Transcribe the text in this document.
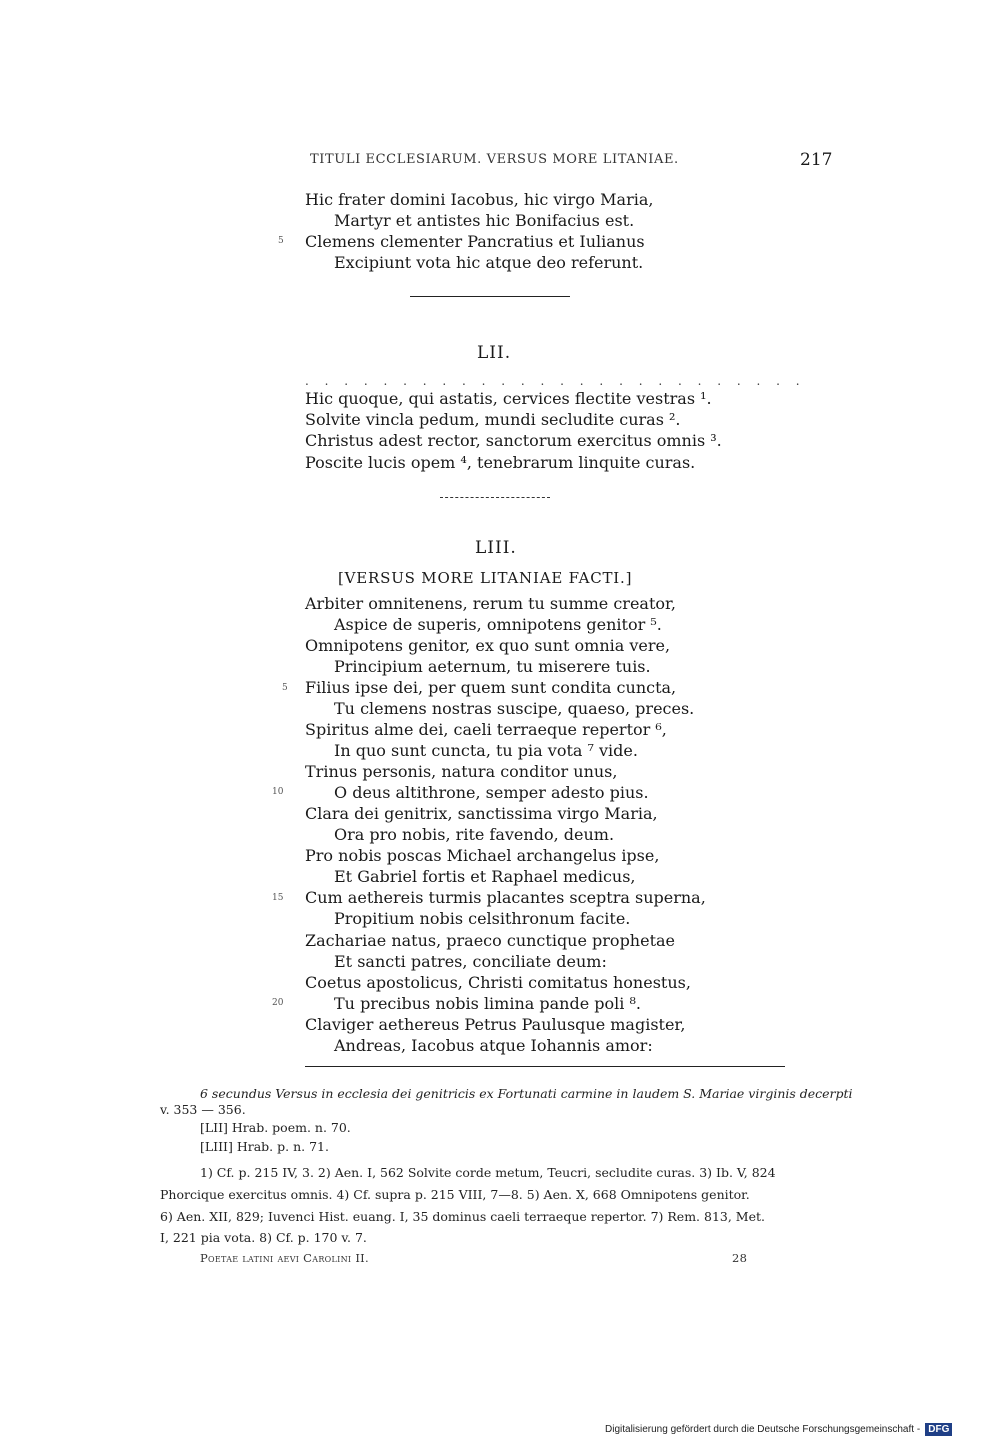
TITULI ECCLESIARUM. VERSUS MORE LITANIAE.	217
Hic frater domini Iacobus, hic virgo Maria,
Martyr et antistes hic Bonifacius est.
5 Clemens clementer Pancratius et Iulianus
Excipiunt vota hic atque deo referunt.
LII.
. . . . . . . . . . . . . . . . . . . . . . . . . .
Hic quoque, qui astatis, cervices flectite vestras ¹.
Solvite vincla pedum, mundi secludite curas ².
Christus adest rector, sanctorum exercitus omnis ³.
Poscite lucis opem ⁴, tenebrarum linquite curas.
LIII.
[VERSUS MORE LITANIAE FACTI.]
Arbiter omnitenens, rerum tu summe creator,
Aspice de superis, omnipotens genitor ⁵.
Omnipotens genitor, ex quo sunt omnia vere,
Principium aeternum, tu miserere tuis.
5 Filius ipse dei, per quem sunt condita cuncta,
Tu clemens nostras suscipe, quaeso, preces.
Spiritus alme dei, caeli terraeque repertor ⁶,
In quo sunt cuncta, tu pia vota ⁷ vide.
Trinus personis, natura conditor unus,
10	O deus altithrone, semper adesto pius.
Clara dei genitrix, sanctissima virgo Maria,
Ora pro nobis, rite favendo, deum.
Pro nobis poscas Michael archangelus ipse,
Et Gabriel fortis et Raphael medicus,
15 Cum aethereis turmis placantes sceptra superna,
Propitium nobis celsithronum facite.
Zachariae natus, praeco cunctique prophetae
Et sancti patres, conciliate deum:
Coetus apostolicus, Christi comitatus honestus,
20	Tu precibus nobis limina pande poli ⁸.
Claviger aethereus Petrus Paulusque magister,
Andreas, Iacobus atque Iohannis amor:
6 secundus Versus in ecclesia dei genitricis ex Fortunati carmine in laudem S. Mariae virginis decerpti
v. 353 — 356.
[LII] Hrab. poem. n. 70.
[LIII] Hrab. p. n. 71.
1) Cf. p. 215 IV, 3. 2) Aen. I, 562 Solvite corde metum, Teucri, secludite curas. 3) Ib. V, 824
Phorcique exercitus omnis. 4) Cf. supra p. 215 VIII, 7—8. 5) Aen. X, 668 Omnipotens genitor.
6) Aen. XII, 829; Iuvenci Hist. euang. I, 35 dominus caeli terraeque repertor. 7) Rem. 813, Met.
I, 221 pia vota. 8) Cf. p. 170 v. 7.
Poetae latini aevi Carolini II.	28
Digitalisierung gefördert durch die Deutsche Forschungsgemeinschaft - DFG
